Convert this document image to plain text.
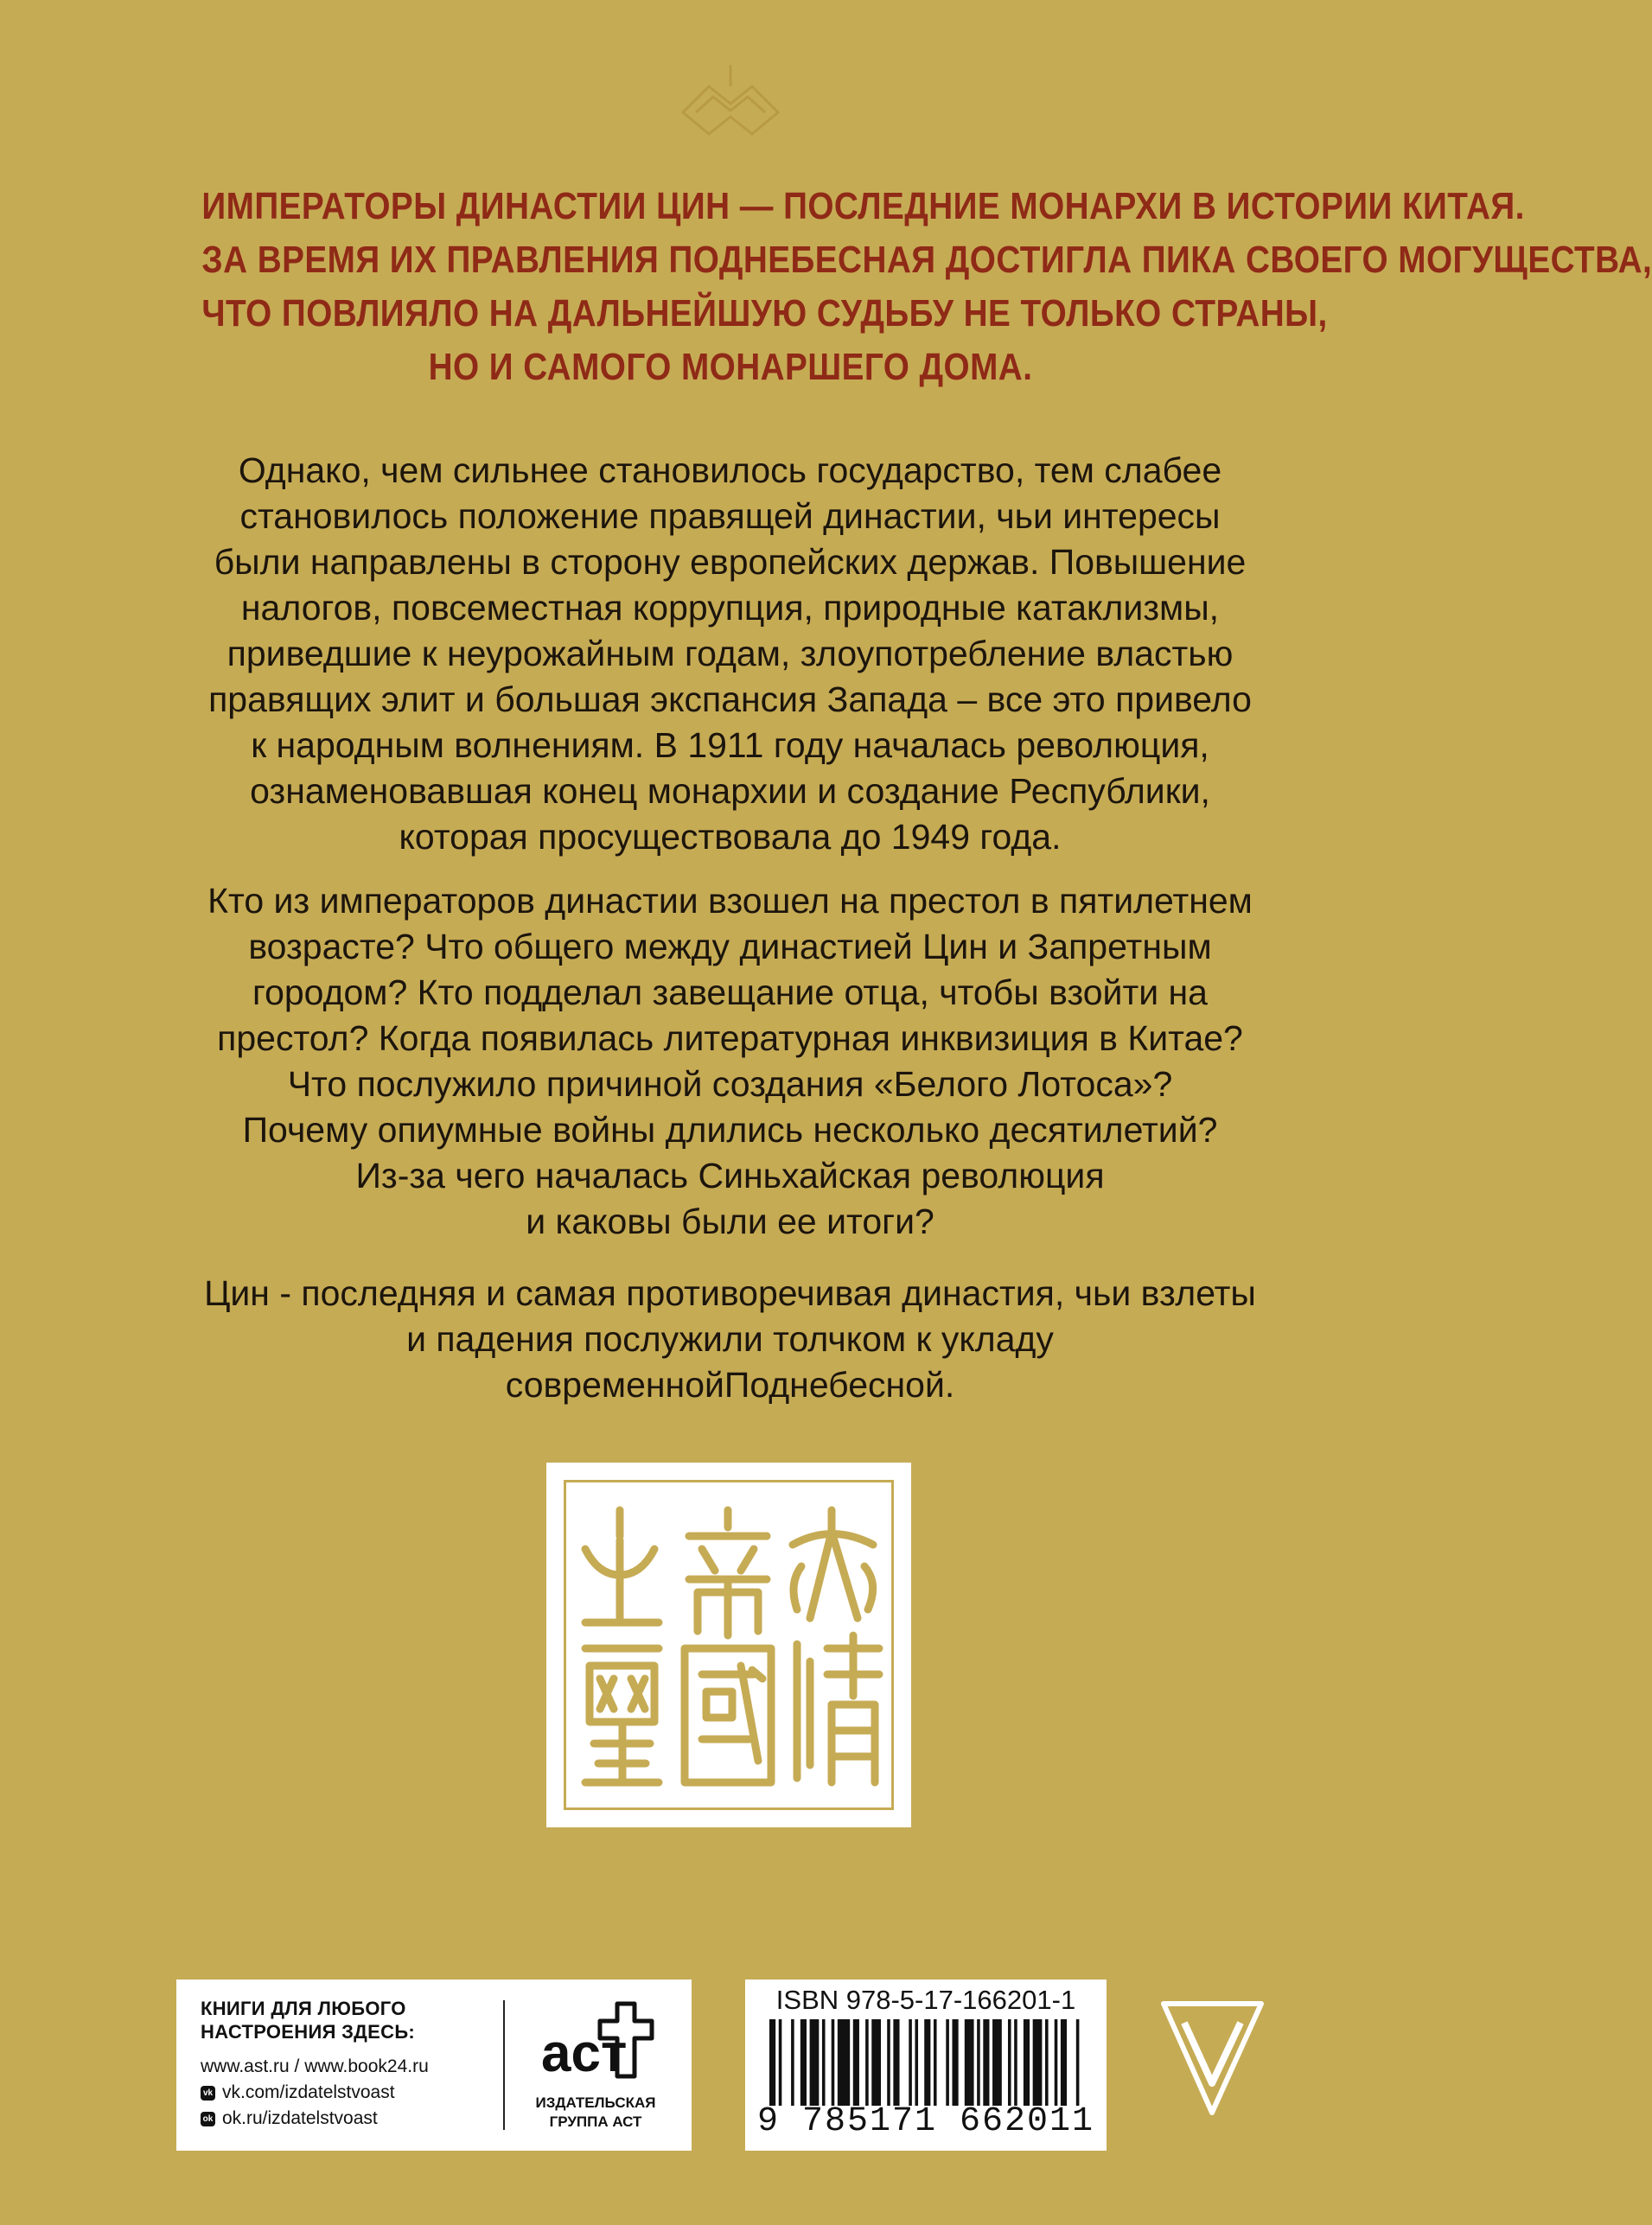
ИМПЕРАТОРЫ ДИНАСТИИ ЦИН — ПОСЛЕДНИЕ МОНАРХИ В ИСТОРИИ КИТАЯ.
ЗА ВРЕМЯ ИХ ПРАВЛЕНИЯ ПОДНЕБЕСНАЯ ДОСТИГЛА ПИКА СВОЕГО МОГУЩЕСТВА,
ЧТО ПОВЛИЯЛО НА ДАЛЬНЕЙШУЮ СУДЬБУ НЕ ТОЛЬКО СТРАНЫ,
НО И САМОГО МОНАРШЕГО ДОМА.
Однако, чем сильнее становилось государство, тем слабее
становилось положение правящей династии, чьи интересы
были направлены в сторону европейских держав. Повышение
налогов, повсеместная коррупция, природные катаклизмы,
приведшие к неурожайным годам, злоупотребление властью
правящих элит и большая экспансия Запада – все это привело
к народным волнениям. В 1911 году началась революция,
ознаменовавшая конец монархии и создание Республики,
которая просуществовала до 1949 года.
Кто из императоров династии взошел на престол в пятилетнем
возрасте? Что общего между династией Цин и Запретным
городом? Кто подделал завещание отца, чтобы взойти на
престол? Когда появилась литературная инквизиция в Китае?
Что послужило причиной создания «Белого Лотоса»?
Почему опиумные войны длились несколько десятилетий?
Из-за чего началась Синьхайская революция
и каковы были ее итоги?
Цин - последняя и самая противоречивая династия, чьи взлеты
и падения послужили толчком к укладу
современнойПоднебесной.
КНИГИ ДЛЯ ЛЮБОГО
НАСТРОЕНИЯ ЗДЕСЬ:
www.ast.ru / www.book24.ru
vk vk.com/izdatelstvoast
ok ok.ru/izdatelstvoast
аст
ИЗДАТЕЛЬСКАЯ
ГРУППА АСТ
ISBN 978-5-17-166201-1
9 785171 662011
